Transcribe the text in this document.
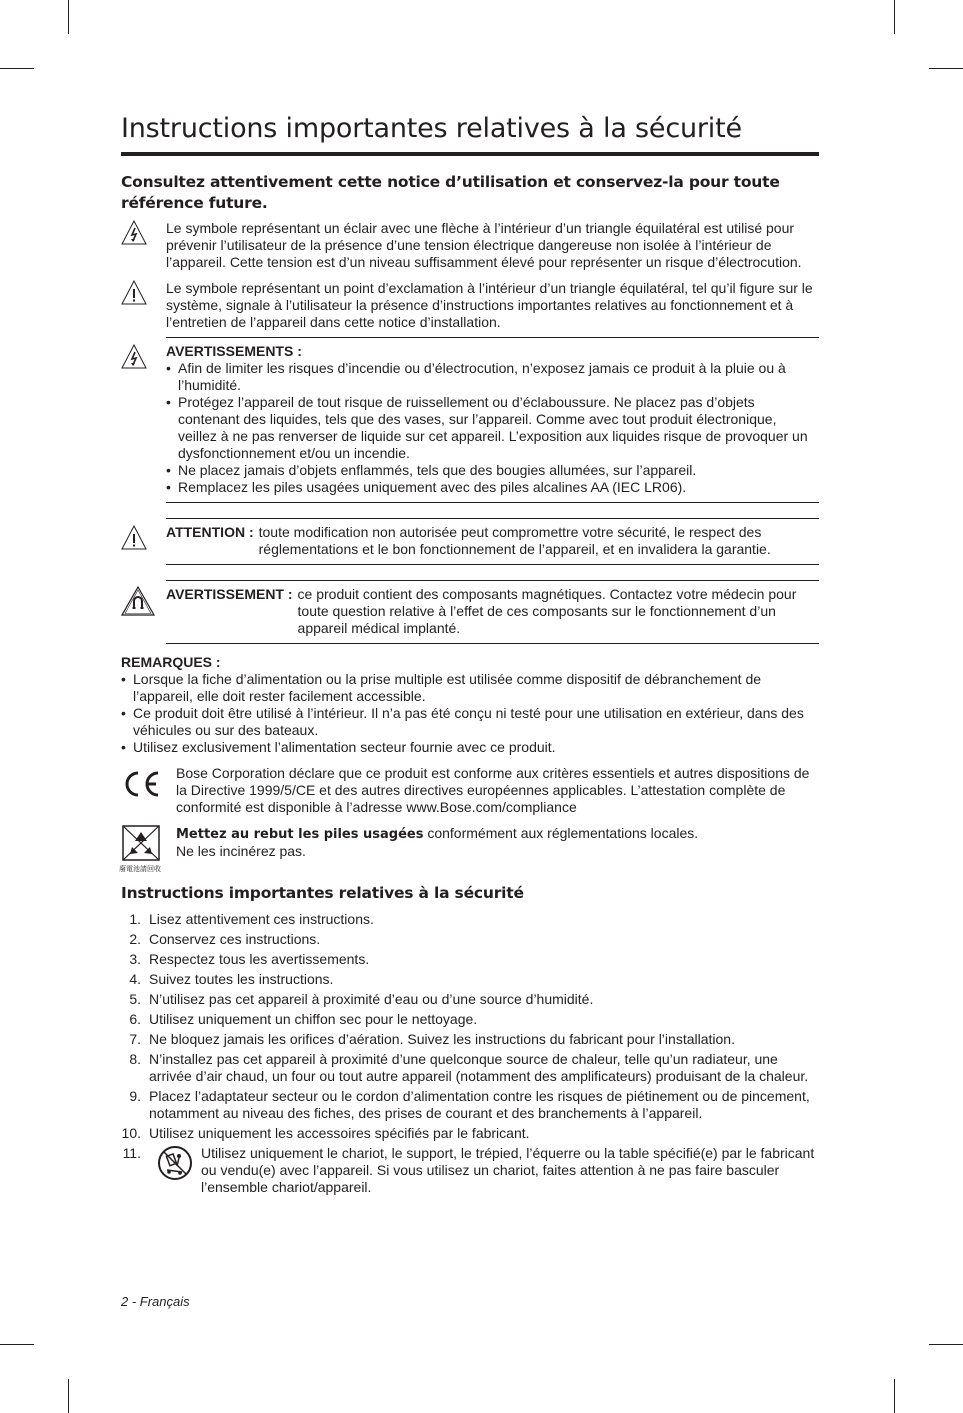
Instructions importantes relatives à la sécurité

Consultez attentivement cette notice d’utilisation et conservez-la pour toute référence future.

Le symbole représentant un éclair avec une flèche à l’intérieur d’un triangle équilatéral est utilisé pour prévenir l’utilisateur de la présence d’une tension électrique dangereuse non isolée à l’intérieur de l’appareil. Cette tension est d’un niveau suffisamment élevé pour représenter un risque d’électrocution.
Le symbole représentant un point d’exclamation à l’intérieur d’un triangle équilatéral, tel qu’il figure sur le système, signale à l’utilisateur la présence d’instructions importantes relatives au fonctionnement et à l’entretien de l’appareil dans cette notice d’installation.
AVERTISSEMENTS :
• Afin de limiter les risques d’incendie ou d’électrocution, n’exposez jamais ce produit à la pluie ou à l’humidité.
• Protégez l’appareil de tout risque de ruissellement ou d’éclaboussure. Ne placez pas d’objets contenant des liquides, tels que des vases, sur l’appareil. Comme avec tout produit électronique, veillez à ne pas renverser de liquide sur cet appareil. L’exposition aux liquides risque de provoquer un dysfonctionnement et/ou un incendie.
• Ne placez jamais d’objets enflammés, tels que des bougies allumées, sur l’appareil.
• Remplacez les piles usagées uniquement avec des piles alcalines AA (IEC LR06).
ATTENTION : toute modification non autorisée peut compromettre votre sécurité, le respect des réglementations et le bon fonctionnement de l’appareil, et en invalidera la garantie.
AVERTISSEMENT : ce produit contient des composants magnétiques. Contactez votre médecin pour toute question relative à l’effet de ces composants sur le fonctionnement d’un appareil médical implanté.
REMARQUES :
• Lorsque la fiche d’alimentation ou la prise multiple est utilisée comme dispositif de débranchement de l’appareil, elle doit rester facilement accessible.
• Ce produit doit être utilisé à l’intérieur. Il n’a pas été conçu ni testé pour une utilisation en extérieur, dans des véhicules ou sur des bateaux.
• Utilisez exclusivement l’alimentation secteur fournie avec ce produit.
Bose Corporation déclare que ce produit est conforme aux critères essentiels et autres dispositions de la Directive 1999/5/CE et des autres directives européennes applicables. L’attestation complète de conformité est disponible à l’adresse www.Bose.com/compliance
廢電池請回收
Mettez au rebut les piles usagées conformément aux réglementations locales.
Ne les incinérez pas.
Instructions importantes relatives à la sécurité
1. Lisez attentivement ces instructions.
2. Conservez ces instructions.
3. Respectez tous les avertissements.
4. Suivez toutes les instructions.
5. N’utilisez pas cet appareil à proximité d’eau ou d’une source d’humidité.
6. Utilisez uniquement un chiffon sec pour le nettoyage.
7. Ne bloquez jamais les orifices d’aération. Suivez les instructions du fabricant pour l’installation.
8. N’installez pas cet appareil à proximité d’une quelconque source de chaleur, telle qu’un radiateur, une arrivée d’air chaud, un four ou tout autre appareil (notamment des amplificateurs) produisant de la chaleur.
9. Placez l’adaptateur secteur ou le cordon d’alimentation contre les risques de piétinement ou de pincement, notamment au niveau des fiches, des prises de courant et des branchements à l’appareil.
10. Utilisez uniquement les accessoires spécifiés par le fabricant.
11.	Utilisez uniquement le chariot, le support, le trépied, l’équerre ou la table spécifié(e) par le fabricant ou vendu(e) avec l’appareil. Si vous utilisez un chariot, faites attention à ne pas faire basculer l’ensemble chariot/appareil.
2 - Français
